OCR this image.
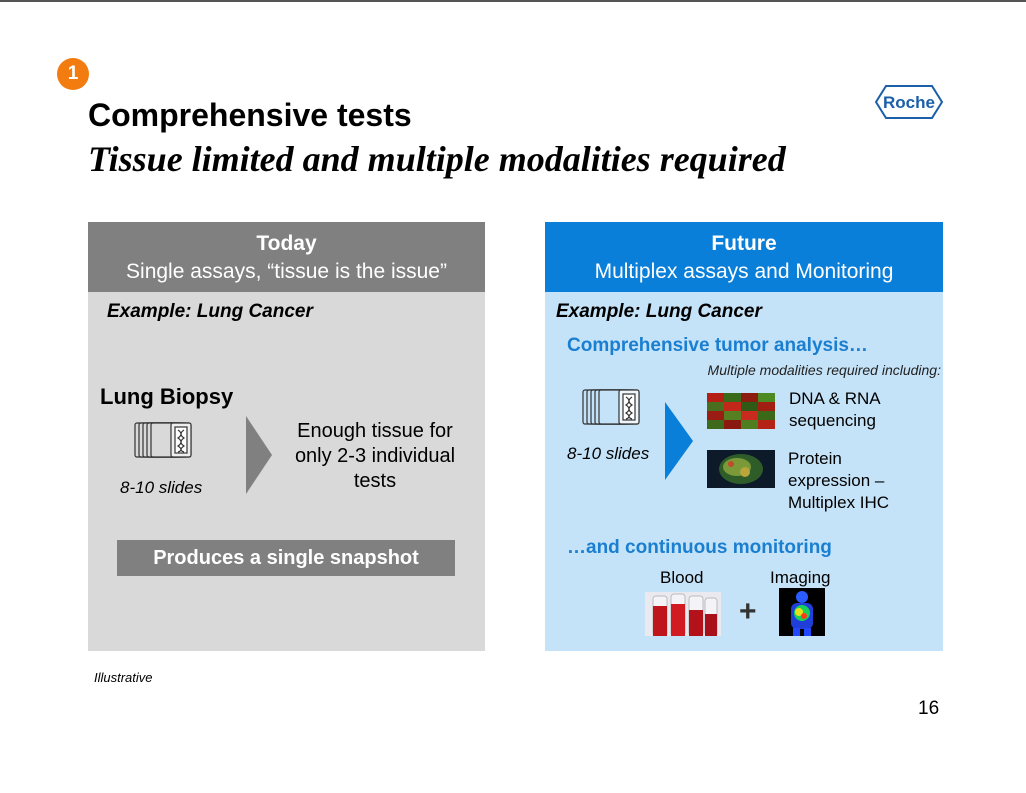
1
Comprehensive tests
Tissue limited and multiple modalities required
Roche
Today
Single assays, “tissue is the issue”
Example: Lung Cancer
Lung Biopsy
8-10 slides
Enough tissue for only 2-3 individual tests
Produces a single snapshot
Future
Multiplex assays and Monitoring
Example: Lung Cancer
Comprehensive tumor analysis…
Multiple modalities required including:
8-10 slides
DNA & RNA sequencing
Protein expression – Multiplex IHC
…and continuous monitoring
Blood	Imaging
+
Illustrative
16
